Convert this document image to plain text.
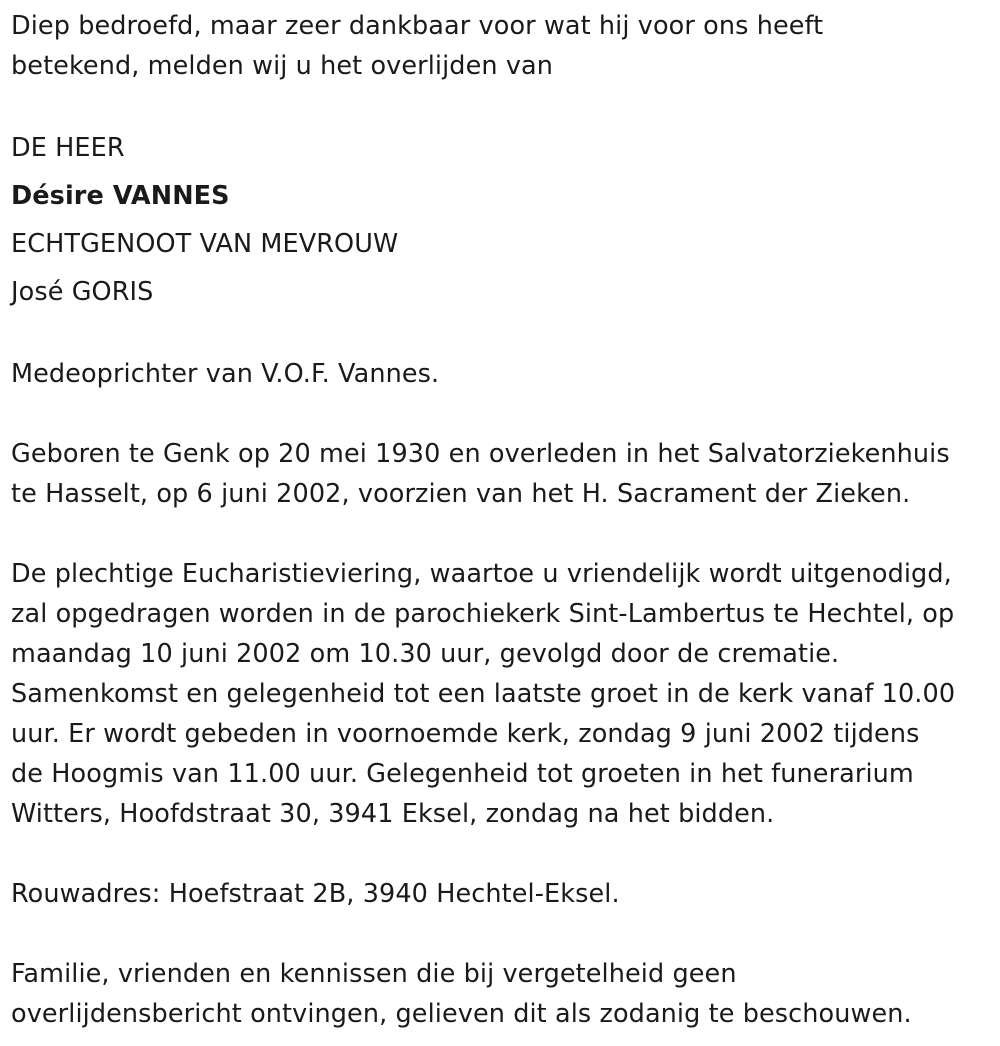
Diep bedroefd, maar zeer dankbaar voor wat hij voor ons heeft
betekend, melden wij u het overlijden van

DE HEER
Désire VANNES
ECHTGENOOT VAN MEVROUW
José GORIS

Medeoprichter van V.O.F. Vannes.

Geboren te Genk op 20 mei 1930 en overleden in het Salvatorziekenhuis
te Hasselt, op 6 juni 2002, voorzien van het H. Sacrament der Zieken.

De plechtige Eucharistieviering, waartoe u vriendelijk wordt uitgenodigd,
zal opgedragen worden in de parochiekerk Sint-Lambertus te Hechtel, op
maandag 10 juni 2002 om 10.30 uur, gevolgd door de crematie.
Samenkomst en gelegenheid tot een laatste groet in de kerk vanaf 10.00
uur. Er wordt gebeden in voornoemde kerk, zondag 9 juni 2002 tijdens
de Hoogmis van 11.00 uur. Gelegenheid tot groeten in het funerarium
Witters, Hoofdstraat 30, 3941 Eksel, zondag na het bidden.

Rouwadres: Hoefstraat 2B, 3940 Hechtel-Eksel.

Familie, vrienden en kennissen die bij vergetelheid geen
overlijdensbericht ontvingen, gelieven dit als zodanig te beschouwen.
